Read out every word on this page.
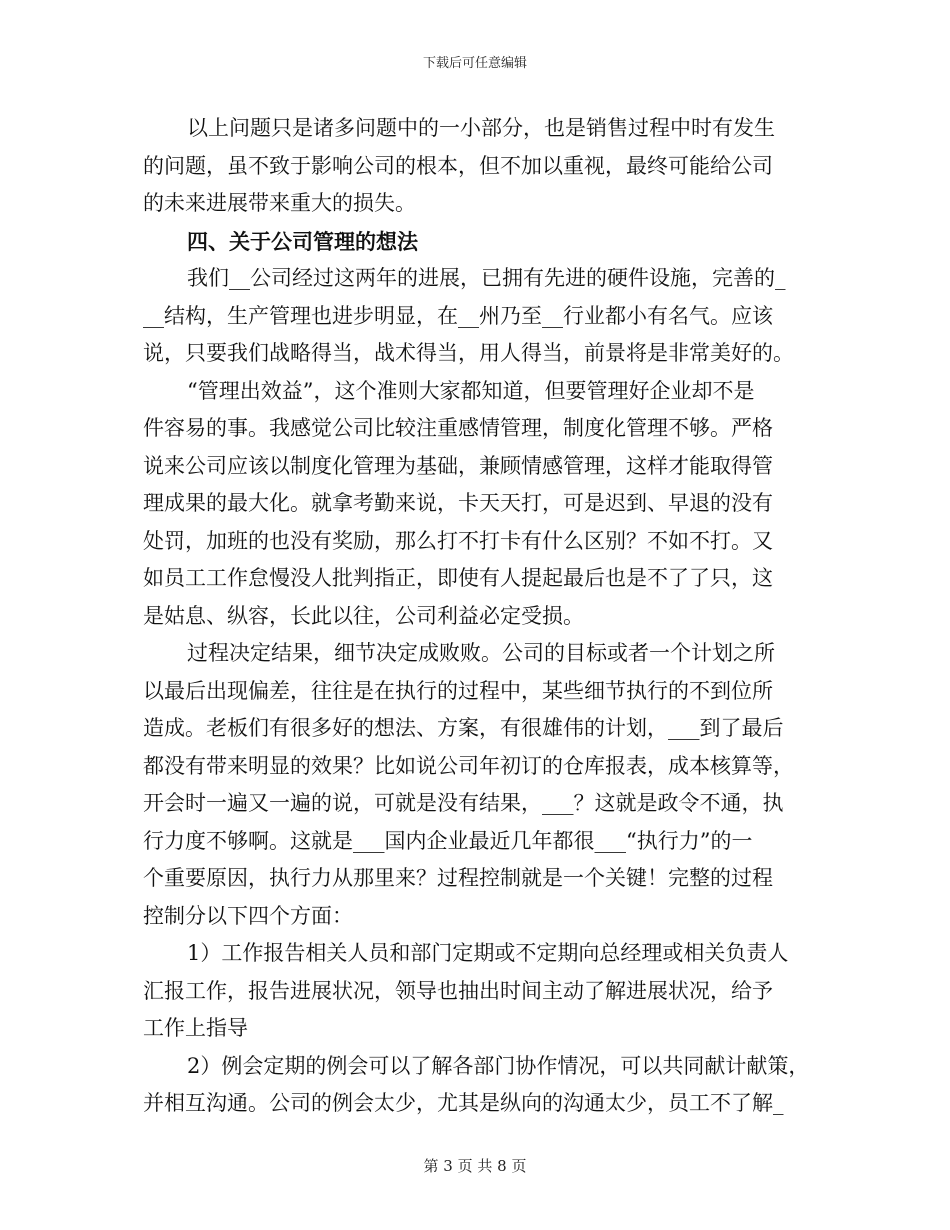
下载后可任意编辑
以上问题只是诸多问题中的一小部分，也是销售过程中时有发生
的问题，虽不致于影响公司的根本，但不加以重视，最终可能给公司
的未来进展带来重大的损失。
四、关于公司管理的想法
我们__公司经过这两年的进展，已拥有先进的硬件设施，完善的_
__结构，生产管理也进步明显，在__州乃至__行业都小有名气。应该
说，只要我们战略得当，战术得当，用人得当，前景将是非常美好的。
“管理出效益”，这个准则大家都知道，但要管理好企业却不是
件容易的事。我感觉公司比较注重感情管理，制度化管理不够。严格
说来公司应该以制度化管理为基础，兼顾情感管理，这样才能取得管
理成果的最大化。就拿考勤来说，卡天天打，可是迟到、早退的没有
处罚，加班的也没有奖励，那么打不打卡有什么区别？不如不打。又
如员工工作怠慢没人批判指正，即使有人提起最后也是不了了只，这
是姑息、纵容，长此以往，公司利益必定受损。
过程决定结果，细节决定成败败。公司的目标或者一个计划之所
以最后出现偏差，往往是在执行的过程中，某些细节执行的不到位所
造成。老板们有很多好的想法、方案，有很雄伟的计划，___到了最后
都没有带来明显的效果？比如说公司年初订的仓库报表，成本核算等，
开会时一遍又一遍的说，可就是没有结果，___？这就是政令不通，执
行力度不够啊。这就是___国内企业最近几年都很___“执行力”的一
个重要原因，执行力从那里来？过程控制就是一个关键！完整的过程
控制分以下四个方面：
1）工作报告相关人员和部门定期或不定期向总经理或相关负责人
汇报工作，报告进展状况，领导也抽出时间主动了解进展状况，给予
工作上指导
2）例会定期的例会可以了解各部门协作情况，可以共同献计献策，
并相互沟通。公司的例会太少，尤其是纵向的沟通太少，员工不了解_
第 3 页 共 8 页
